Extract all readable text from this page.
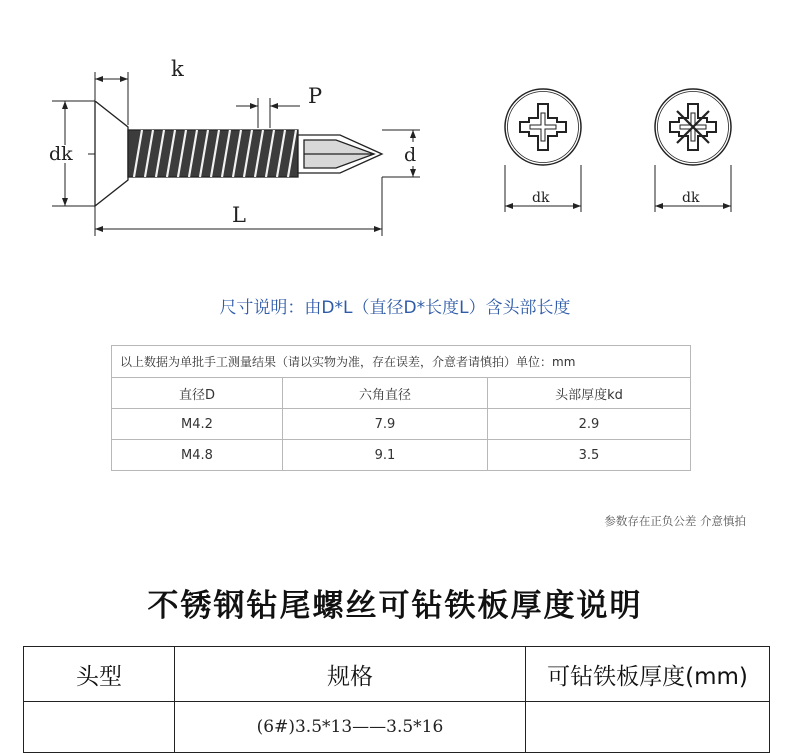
k
P
dk	d
L
dk	dk
尺寸说明：由D*L（直径D*长度L）含头部长度
以上数据为单批手工测量结果（请以实物为准，存在误差，介意者请慎拍）单位：mm		
直径D	六角直径	头部厚度kd
M4.2	7.9	2.9
M4.8	9.1	3.5
参数存在正负公差 介意慎拍
不锈钢钻尾螺丝可钻铁板厚度说明
头型	规格	可钻铁板厚度(mm)
	(6#)3.5*13——3.5*16	
